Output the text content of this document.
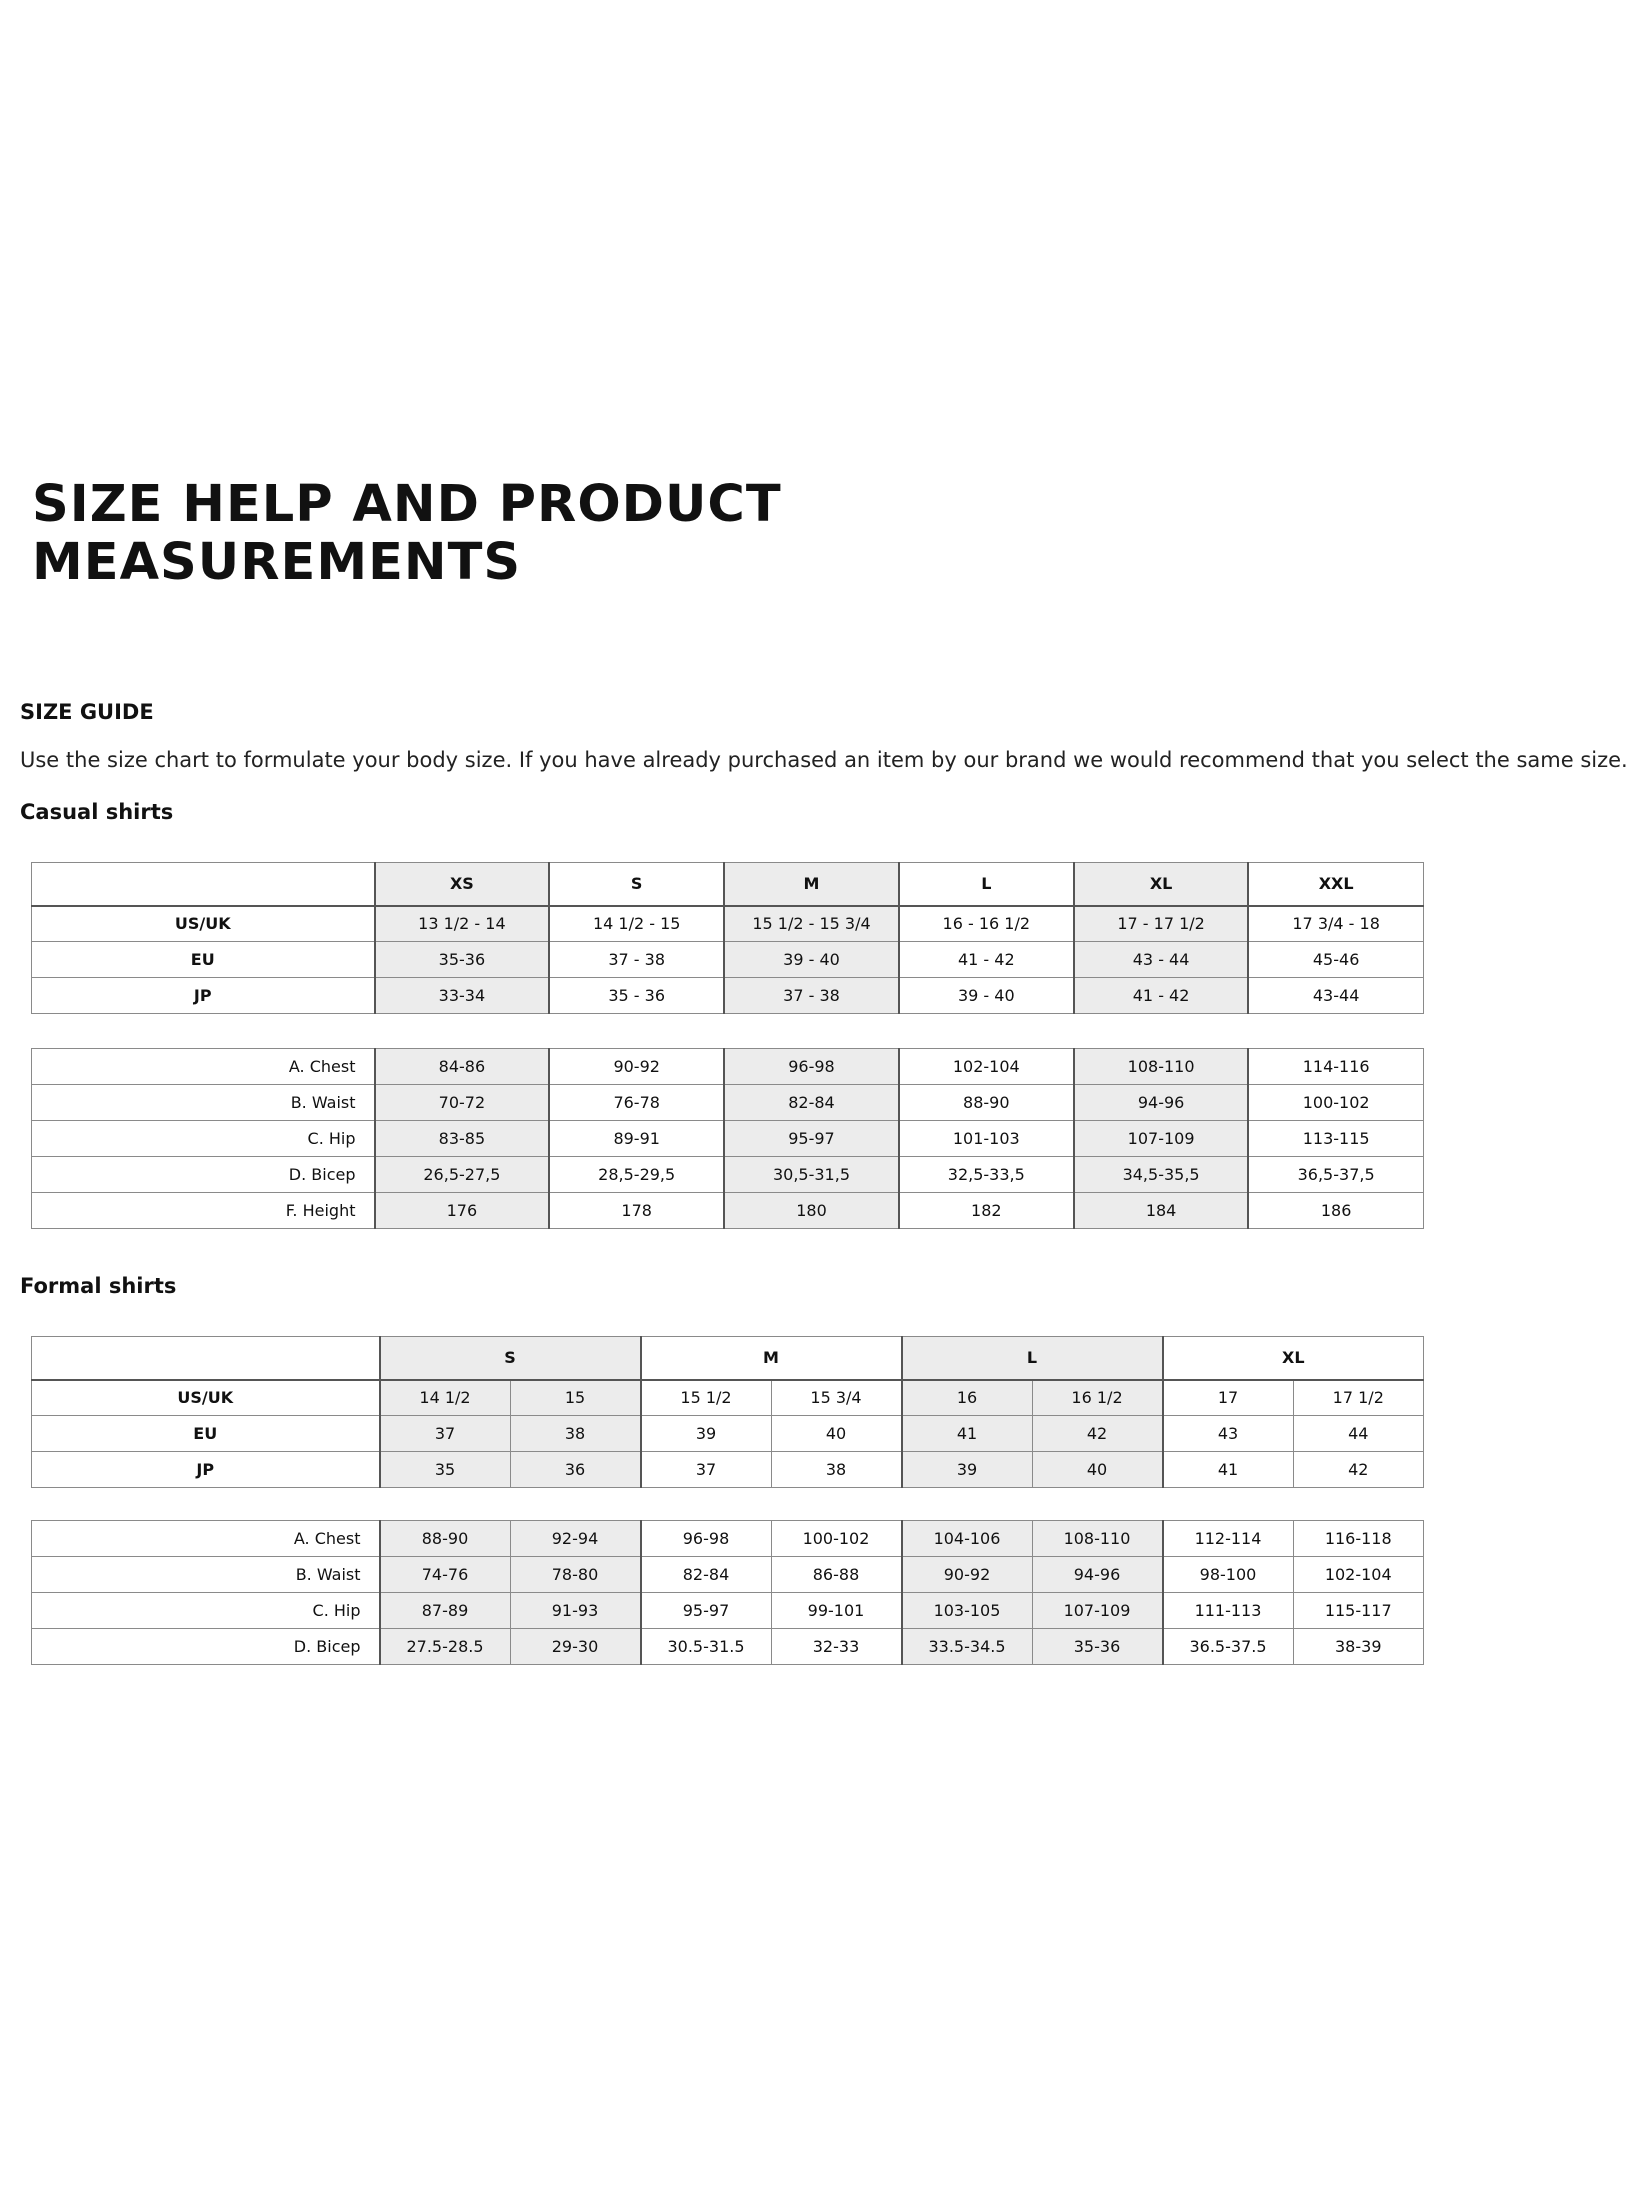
SIZE HELP AND PRODUCT
MEASUREMENTS
SIZE GUIDE
Use the size chart to formulate your body size. If you have already purchased an item by our brand we would recommend that you select the same size.
Casual shirts
	XS	S	M	L	XL	XXL
US/UK	13 1/2 - 14	14 1/2 - 15	15 1/2 - 15 3/4	16 - 16 1/2	17 - 17 1/2	17 3/4 - 18
EU	35-36	37 - 38	39 - 40	41 - 42	43 - 44	45-46
JP	33-34	35 - 36	37 - 38	39 - 40	41 - 42	43-44
A. Chest	84-86	90-92	96-98	102-104	108-110	114-116
B. Waist	70-72	76-78	82-84	88-90	94-96	100-102
C. Hip	83-85	89-91	95-97	101-103	107-109	113-115
D. Bicep	26,5-27,5	28,5-29,5	30,5-31,5	32,5-33,5	34,5-35,5	36,5-37,5
F. Height	176	178	180	182	184	186
Formal shirts
	S		M		L		XL	
US/UK	14 1/2	15	15 1/2	15 3/4	16	16 1/2	17	17 1/2
EU	37	38	39	40	41	42	43	44
JP	35	36	37	38	39	40	41	42
A. Chest	88-90	92-94	96-98	100-102	104-106	108-110	112-114	116-118
B. Waist	74-76	78-80	82-84	86-88	90-92	94-96	98-100	102-104
C. Hip	87-89	91-93	95-97	99-101	103-105	107-109	111-113	115-117
D. Bicep	27.5-28.5	29-30	30.5-31.5	32-33	33.5-34.5	35-36	36.5-37.5	38-39
